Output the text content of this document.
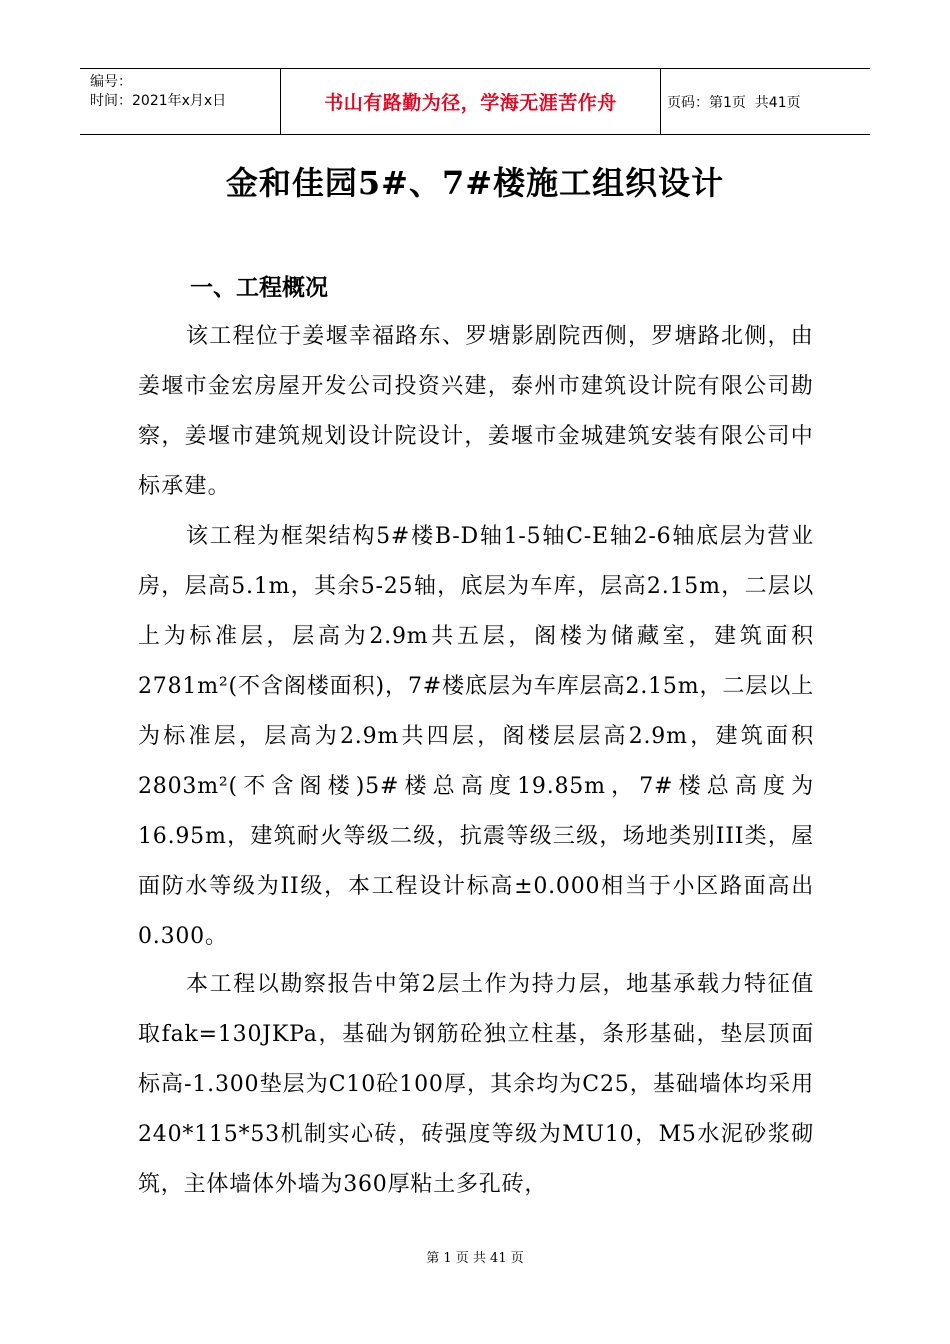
编号：
时间：2021年x月x日	书山有路勤为径，学海无涯苦作舟	页码：第1页  共41页
金和佳园5#、7#楼施工组织设计
一、工程概况

该工程位于姜堰幸福路东、罗塘影剧院西侧，罗塘路北侧，由姜堰市金宏房屋开发公司投资兴建，泰州市建筑设计院有限公司勘察，姜堰市建筑规划设计院设计，姜堰市金城建筑安装有限公司中标承建。

该工程为框架结构5#楼B-D轴1-5轴C-E轴2-6轴底层为营业房，层高5.1m，其余5-25轴，底层为车库，层高2.15m，二层以上为标准层，层高为2.9m共五层，阁楼为储藏室，建筑面积2781m²(不含阁楼面积)，7#楼底层为车库层高2.15m，二层以上为标准层，层高为2.9m共四层，阁楼层层高2.9m，建筑面积2803m²(不含阁楼)5#楼总高度19.85m，7#楼总高度为16.95m，建筑耐火等级二级，抗震等级三级，场地类别III类，屋面防水等级为II级，本工程设计标高±0.000相当于小区路面高出0.300。

本工程以勘察报告中第2层土作为持力层，地基承载力特征值取fak=130JKPa，基础为钢筋砼独立柱基，条形基础，垫层顶面标高-1.300垫层为C10砼100厚，其余均为C25，基础墙体均采用240*115*53机制实心砖，砖强度等级为MU10，M5水泥砂浆砌筑，主体墙体外墙为360厚粘土多孔砖，

第 1 页 共 41 页
